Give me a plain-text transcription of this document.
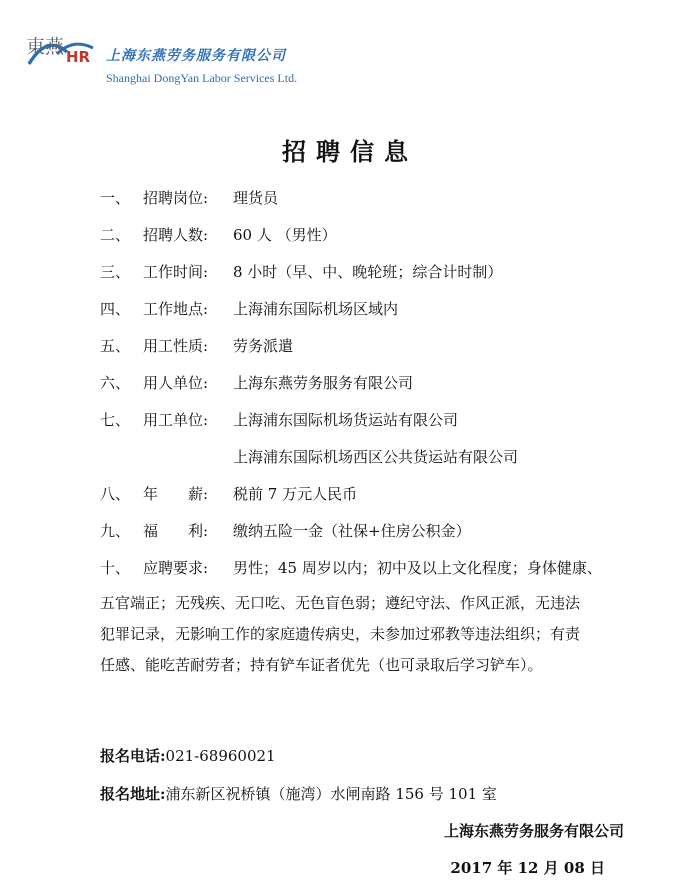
東燕 HR 上海东燕劳务服务有限公司
Shanghai DongYan Labor Services Ltd.
招聘信息
一、 招聘岗位: 理货员
二、 招聘人数: 60 人 （男性）
三、 工作时间: 8 小时（早、中、晚轮班；综合计时制）
四、 工作地点: 上海浦东国际机场区域内
五、 用工性质: 劳务派遣
六、 用人单位: 上海东燕劳务服务有限公司
七、 用工单位: 上海浦东国际机场货运站有限公司
上海浦东国际机场西区公共货运站有限公司
八、 年　　薪: 税前 7 万元人民币
九、 福　　利: 缴纳五险一金（社保+住房公积金）
十、 应聘要求: 男性；45 周岁以内；初中及以上文化程度；身体健康、
五官端正；无残疾、无口吃、无色盲色弱；遵纪守法、作风正派，无违法
犯罪记录，无影响工作的家庭遗传病史，未参加过邪教等违法组织；有责
任感、能吃苦耐劳者；持有铲车证者优先（也可录取后学习铲车）。
报名电话:021-68960021
报名地址:浦东新区祝桥镇（施湾）水闸南路 156 号 101 室
上海东燕劳务服务有限公司
2017 年 12 月 08 日
